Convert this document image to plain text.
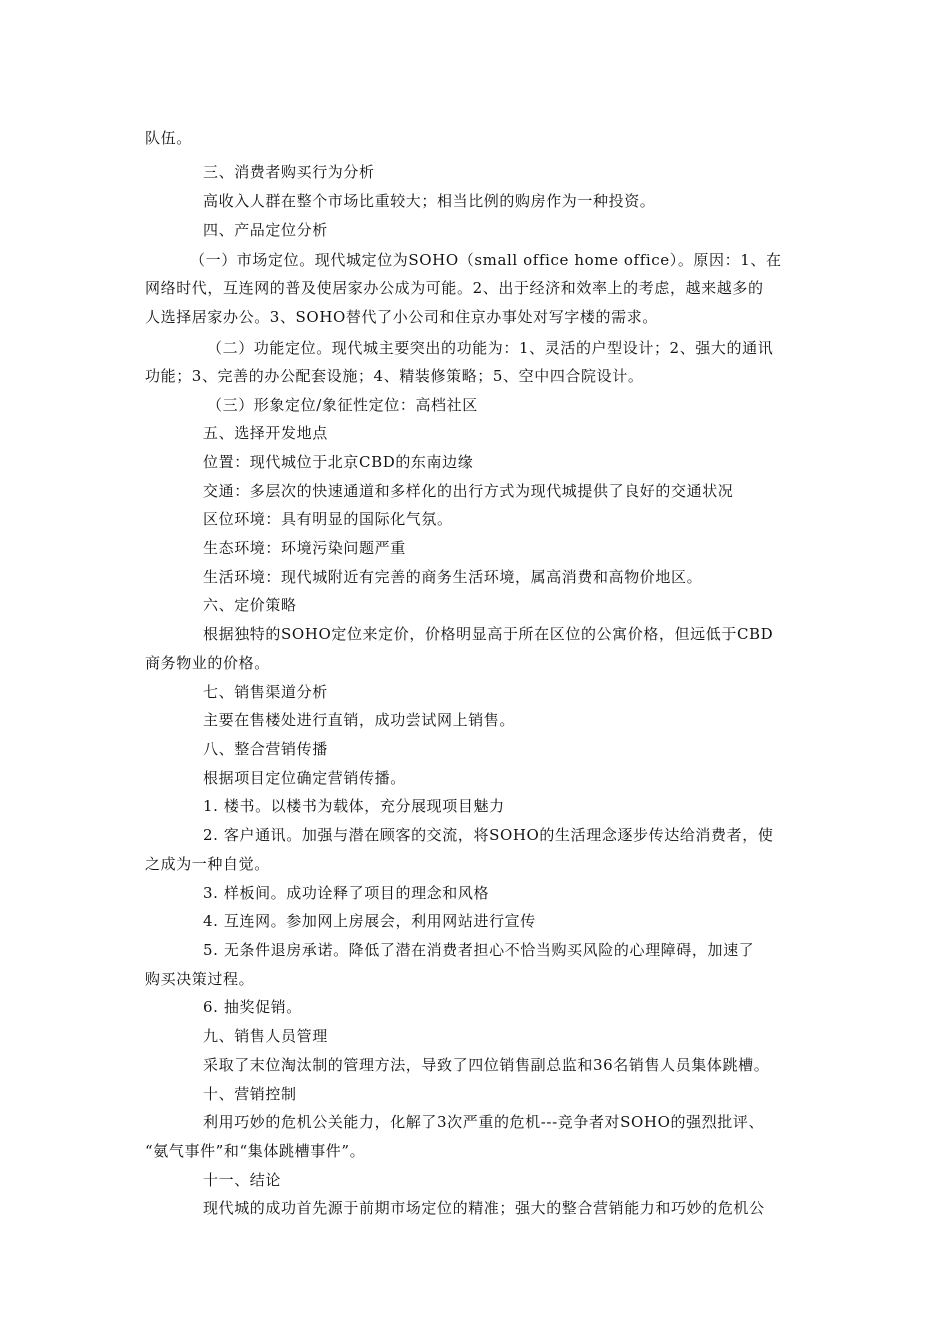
队伍。
三、消费者购买行为分析
高收入人群在整个市场比重较大；相当比例的购房作为一种投资。
四、产品定位分析
（一）市场定位。现代城定位为SOHO（small office home office）。原因：1、在
网络时代，互连网的普及使居家办公成为可能。2、出于经济和效率上的考虑，越来越多的
人选择居家办公。3、SOHO替代了小公司和住京办事处对写字楼的需求。
（二）功能定位。现代城主要突出的功能为：1、灵活的户型设计；2、强大的通讯
功能；3、完善的办公配套设施；4、精装修策略；5、空中四合院设计。
（三）形象定位/象征性定位：高档社区
五、选择开发地点
位置：现代城位于北京CBD的东南边缘
交通：多层次的快速通道和多样化的出行方式为现代城提供了良好的交通状况
区位环境：具有明显的国际化气氛。
生态环境：环境污染问题严重
生活环境：现代城附近有完善的商务生活环境，属高消费和高物价地区。
六、定价策略
根据独特的SOHO定位来定价，价格明显高于所在区位的公寓价格，但远低于CBD
商务物业的价格。
七、销售渠道分析
主要在售楼处进行直销，成功尝试网上销售。
八、整合营销传播
根据项目定位确定营销传播。
1. 楼书。以楼书为载体，充分展现项目魅力
2. 客户通讯。加强与潜在顾客的交流，将SOHO的生活理念逐步传达给消费者，使
之成为一种自觉。
3. 样板间。成功诠释了项目的理念和风格
4. 互连网。参加网上房展会，利用网站进行宣传
5. 无条件退房承诺。降低了潜在消费者担心不恰当购买风险的心理障碍，加速了
购买决策过程。
6. 抽奖促销。
九、销售人员管理
采取了末位淘汰制的管理方法，导致了四位销售副总监和36名销售人员集体跳槽。
十、营销控制
利用巧妙的危机公关能力，化解了3次严重的危机---竞争者对SOHO的强烈批评、
“氨气事件”和“集体跳槽事件”。
十一、结论
现代城的成功首先源于前期市场定位的精准；强大的整合营销能力和巧妙的危机公
